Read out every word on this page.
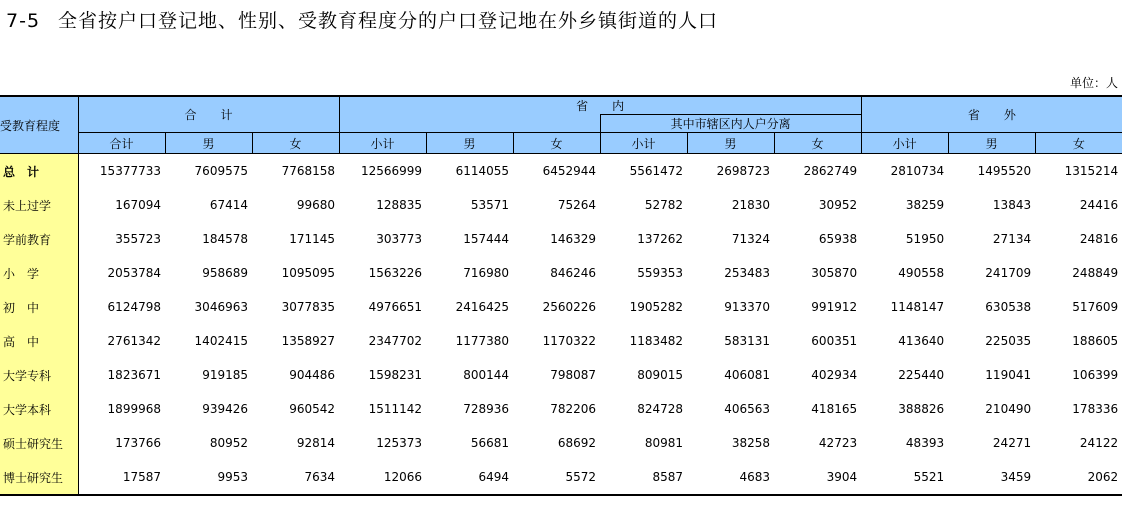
7-5 全省按户口登记地、性别、受教育程度分的户口登记地在外乡镇街道的人口
单位：人
受教育程度	合　　计			省　　内						省　　外		
							其中市辖区内人户分离					
	合计	男	女	小计	男	女	小计	男	女	小计	男	女
总　计	15377733	7609575	7768158	12566999	6114055	6452944	5561472	2698723	2862749	2810734	1495520	1315214
未上过学	167094	67414	99680	128835	53571	75264	52782	21830	30952	38259	13843	24416
学前教育	355723	184578	171145	303773	157444	146329	137262	71324	65938	51950	27134	24816
小　学	2053784	958689	1095095	1563226	716980	846246	559353	253483	305870	490558	241709	248849
初　中	6124798	3046963	3077835	4976651	2416425	2560226	1905282	913370	991912	1148147	630538	517609
高　中	2761342	1402415	1358927	2347702	1177380	1170322	1183482	583131	600351	413640	225035	188605
大学专科	1823671	919185	904486	1598231	800144	798087	809015	406081	402934	225440	119041	106399
大学本科	1899968	939426	960542	1511142	728936	782206	824728	406563	418165	388826	210490	178336
硕士研究生	173766	80952	92814	125373	56681	68692	80981	38258	42723	48393	24271	24122
博士研究生	17587	9953	7634	12066	6494	5572	8587	4683	3904	5521	3459	2062
